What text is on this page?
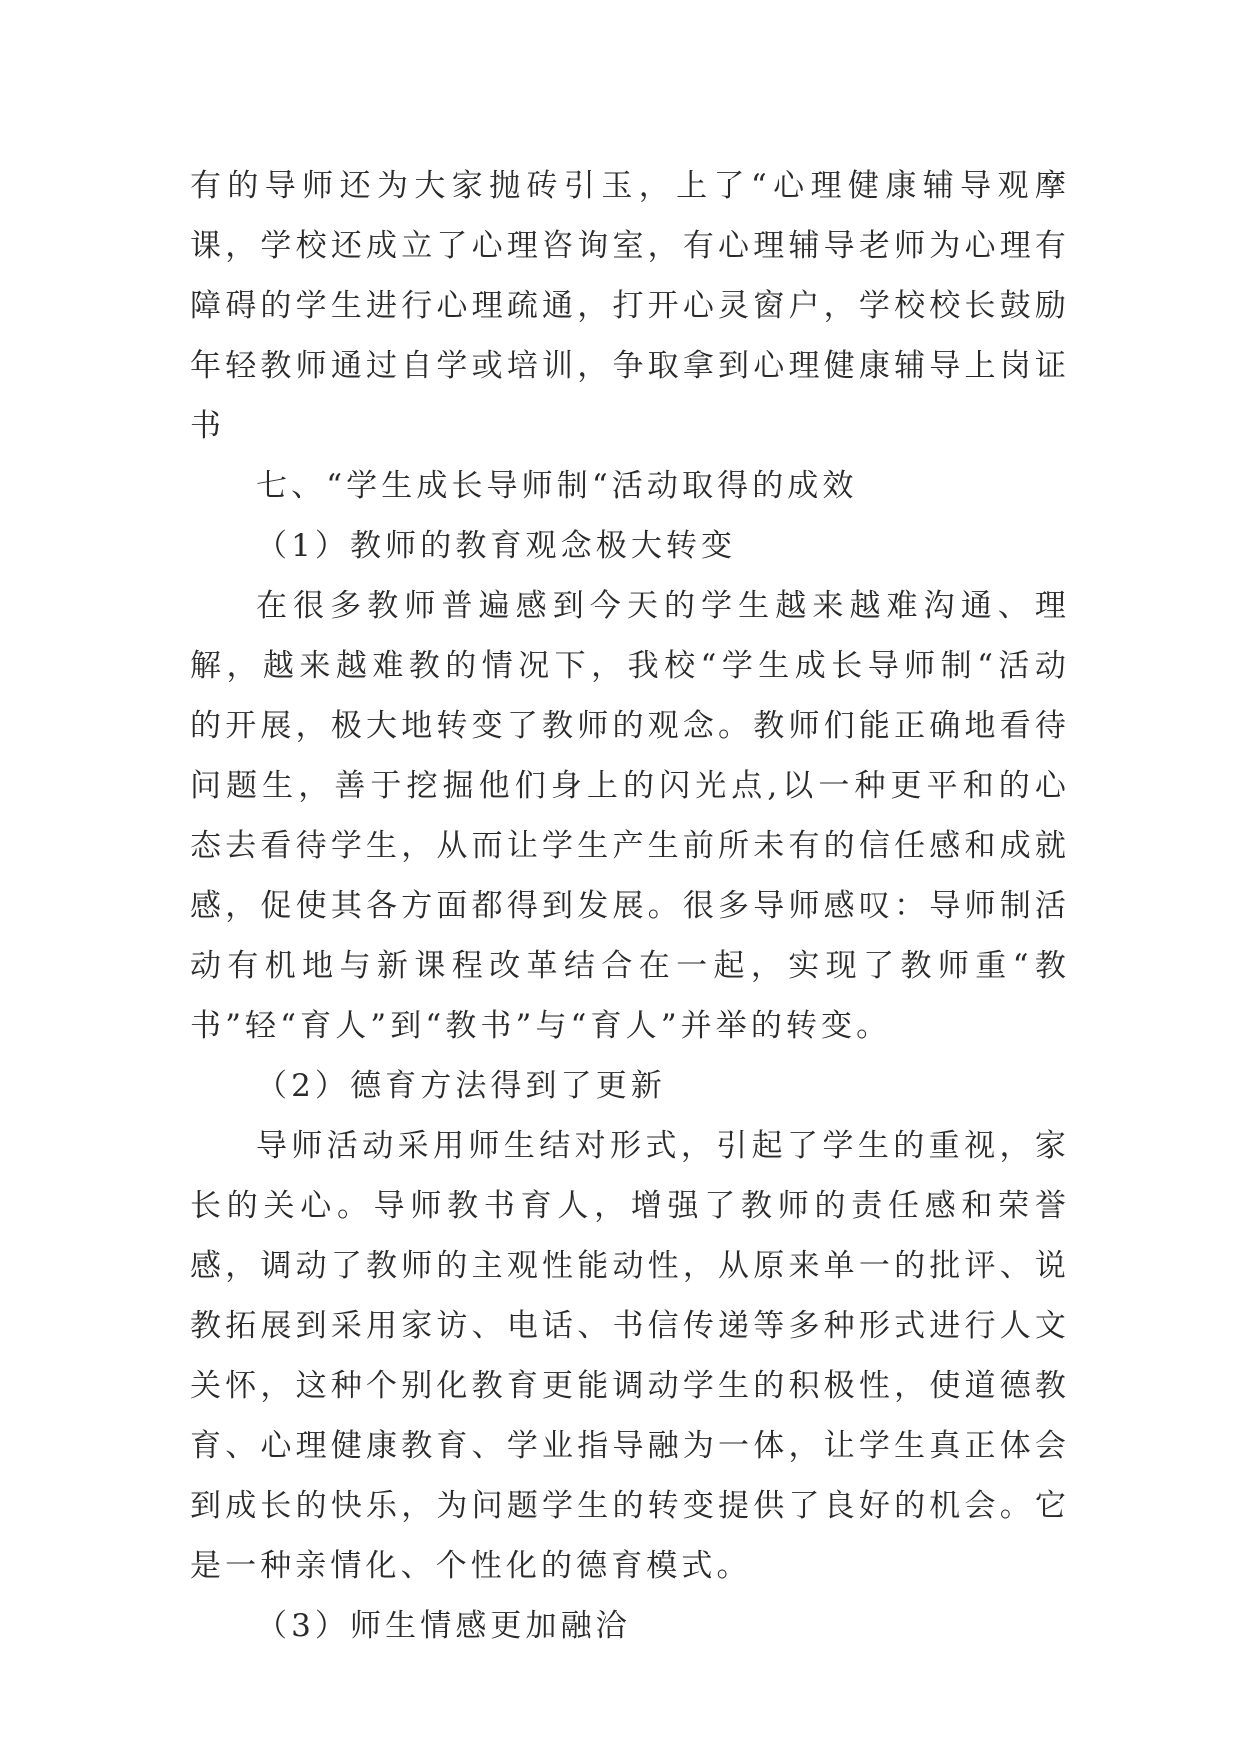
有的导师还为大家抛砖引玉，上了“心理健康辅导观摩课，学校还成立了心理咨询室，有心理辅导老师为心理有障碍的学生进行心理疏通，打开心灵窗户，学校校长鼓励年轻教师通过自学或培训，争取拿到心理健康辅导上岗证书

七、“学生成长导师制“活动取得的成效

（1）教师的教育观念极大转变

在很多教师普遍感到今天的学生越来越难沟通、理解，越来越难教的情况下，我校“学生成长导师制“活动的开展，极大地转变了教师的观念。教师们能正确地看待问题生，善于挖掘他们身上的闪光点,以一种更平和的心态去看待学生，从而让学生产生前所未有的信任感和成就感，促使其各方面都得到发展。很多导师感叹：导师制活动有机地与新课程改革结合在一起，实现了教师重“教书”轻“育人”到“教书”与“育人”并举的转变。

（2）德育方法得到了更新

导师活动采用师生结对形式，引起了学生的重视，家长的关心。导师教书育人，增强了教师的责任感和荣誉感，调动了教师的主观性能动性，从原来单一的批评、说教拓展到采用家访、电话、书信传递等多种形式进行人文关怀，这种个别化教育更能调动学生的积极性，使道德教育、心理健康教育、学业指导融为一体，让学生真正体会到成长的快乐，为问题学生的转变提供了良好的机会。它是一种亲情化、个性化的德育模式。

（3）师生情感更加融洽
